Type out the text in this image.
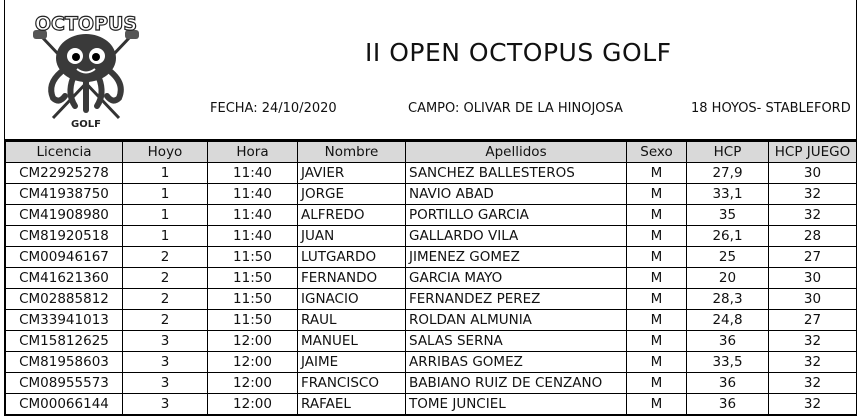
OCTOPUS
GOLF
II OPEN OCTOPUS GOLF
FECHA: 24/10/2020	CAMPO: OLIVAR DE LA HINOJOSA	18 HOYOS- STABLEFORD
Licencia	Hoyo	Hora	Nombre	Apellidos	Sexo	HCP	HCP JUEGO
CM22925278	1	11:40	JAVIER	SANCHEZ BALLESTEROS	M	27,9	30
CM41938750	1	11:40	JORGE	NAVIO ABAD	M	33,1	32
CM41908980	1	11:40	ALFREDO	PORTILLO GARCIA	M	35	32
CM81920518	1	11:40	JUAN	GALLARDO VILA	M	26,1	28
CM00946167	2	11:50	LUTGARDO	JIMENEZ GOMEZ	M	25	27
CM41621360	2	11:50	FERNANDO	GARCIA MAYO	M	20	30
CM02885812	2	11:50	IGNACIO	FERNANDEZ PEREZ	M	28,3	30
CM33941013	2	11:50	RAUL	ROLDAN ALMUNIA	M	24,8	27
CM15812625	3	12:00	MANUEL	SALAS SERNA	M	36	32
CM81958603	3	12:00	JAIME	ARRIBAS GOMEZ	M	33,5	32
CM08955573	3	12:00	FRANCISCO	BABIANO RUIZ DE CENZANO	M	36	32
CM00066144	3	12:00	RAFAEL	TOME JUNCIEL	M	36	32
